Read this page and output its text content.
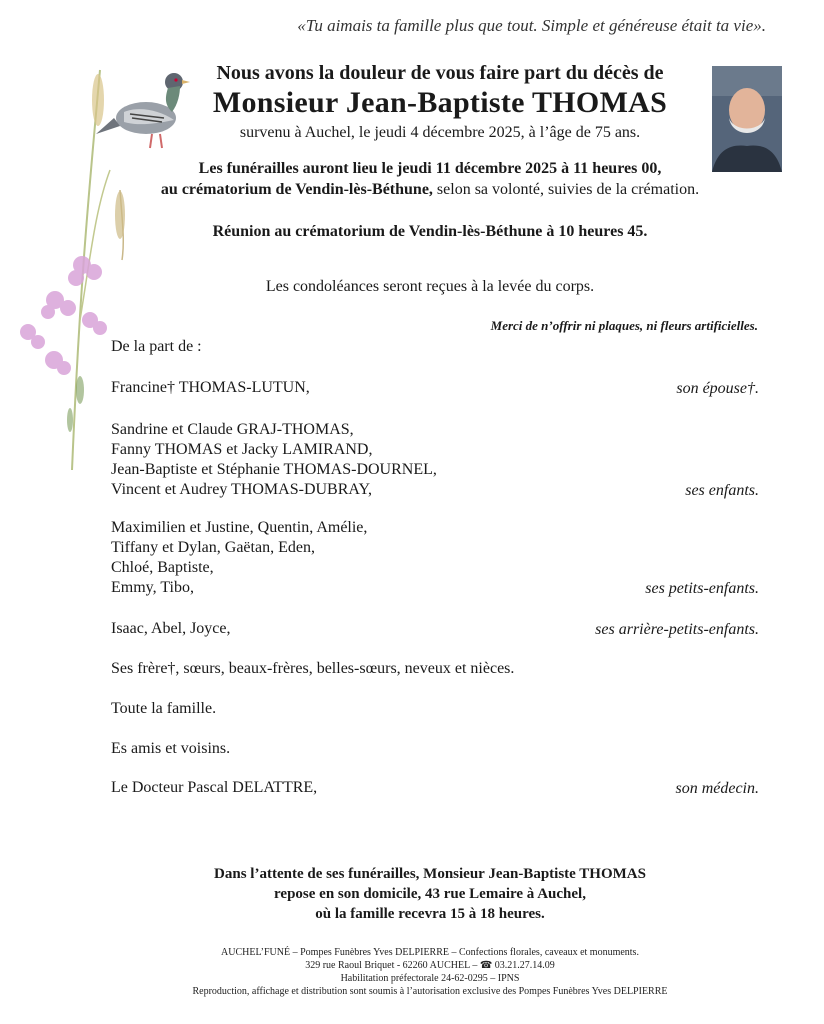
«Tu aimais ta famille plus que tout. Simple et généreuse était ta vie».
Nous avons la douleur de vous faire part du décès de
Monsieur Jean-Baptiste THOMAS
survenu à Auchel, le jeudi 4 décembre 2025, à l’âge de 75 ans.
Les funérailles auront lieu le jeudi 11 décembre 2025 à 11 heures 00,
au crématorium de Vendin-lès-Béthune, selon sa volonté, suivies de la crémation.
Réunion au crématorium de Vendin-lès-Béthune à 10 heures 45.
Les condoléances seront reçues à la levée du corps.
Merci de n’offrir ni plaques, ni fleurs artificielles.
De la part de :
Francine† THOMAS-LUTUN,	son épouse†.
Sandrine et Claude GRAJ-THOMAS,
Fanny THOMAS et Jacky LAMIRAND,
Jean-Baptiste et Stéphanie THOMAS-DOURNEL,
Vincent et Audrey THOMAS-DUBRAY,	ses enfants.
Maximilien et Justine, Quentin, Amélie,
Tiffany et Dylan, Gaëtan, Eden,
Chloé, Baptiste,
Emmy, Tibo,	ses petits-enfants.
Isaac, Abel, Joyce,	ses arrière-petits-enfants.
Ses frère†, sœurs, beaux-frères, belles-sœurs, neveux et nièces.
Toute la famille.
Es amis et voisins.
Le Docteur Pascal DELATTRE,	son médecin.
Dans l’attente de ses funérailles, Monsieur Jean-Baptiste THOMAS
repose en son domicile, 43 rue Lemaire à Auchel,
où la famille recevra 15 à 18 heures.
AUCHEL’FUNÉ – Pompes Funèbres Yves DELPIERRE – Confections florales, caveaux et monuments.
329 rue Raoul Briquet - 62260 AUCHEL – ☎ 03.21.27.14.09
Habilitation préfectorale 24-62-0295 – IPNS
Reproduction, affichage et distribution sont soumis à l’autorisation exclusive des Pompes Funèbres Yves DELPIERRE
